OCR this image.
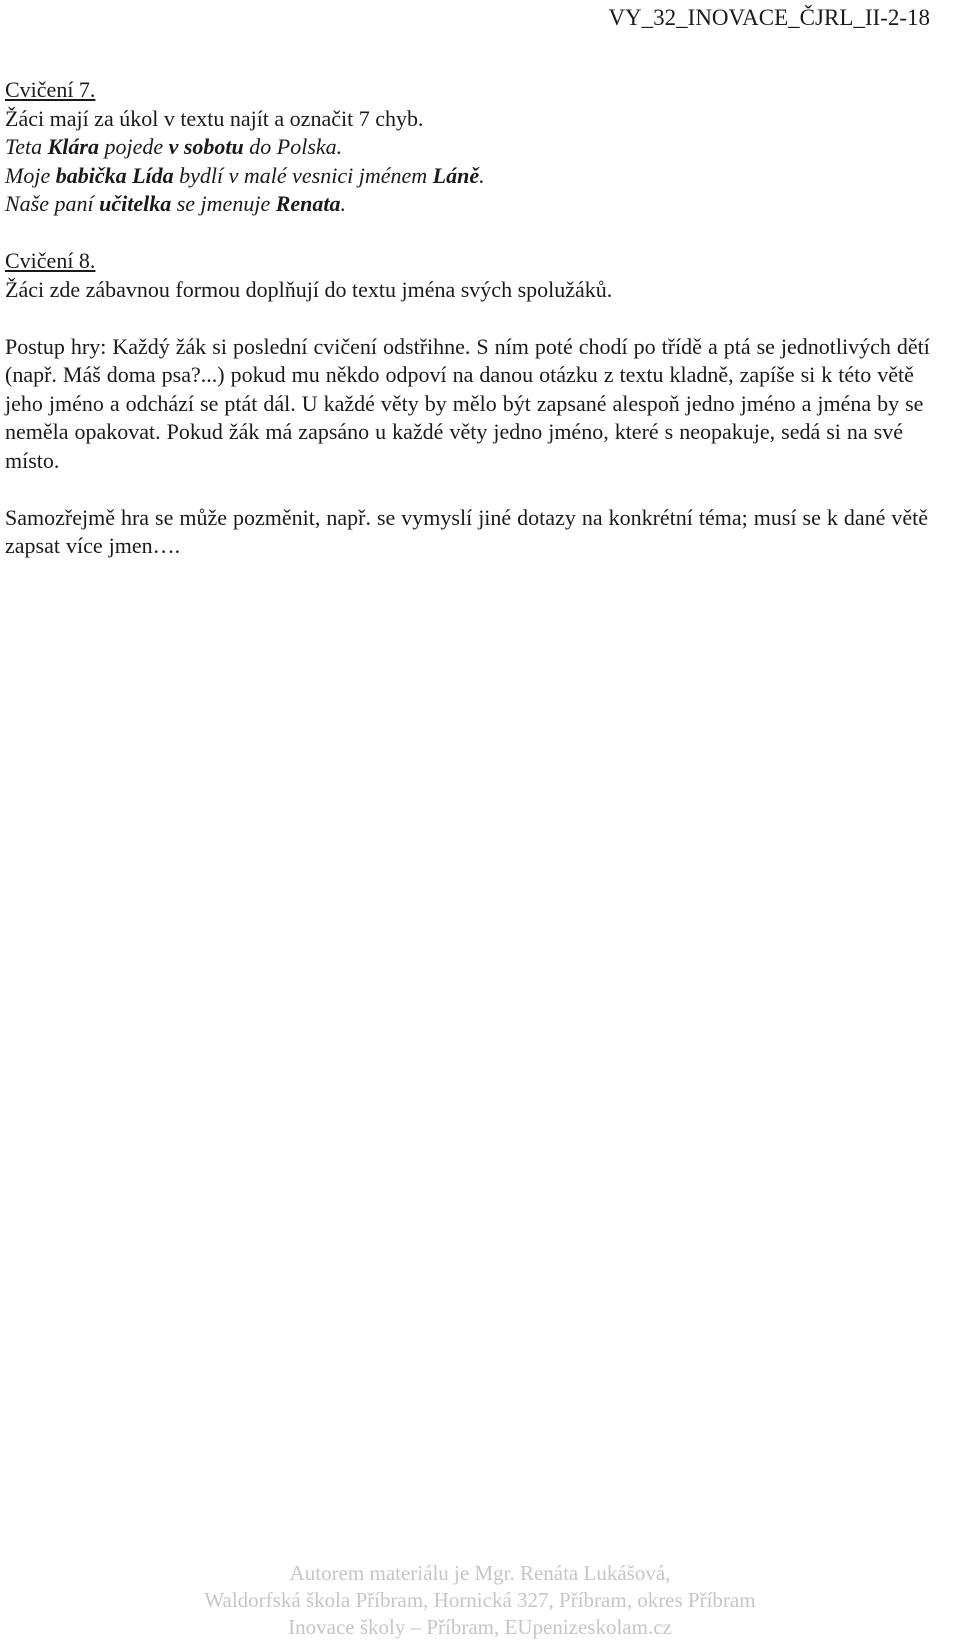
VY_32_INOVACE_ČJRL_II-2-18
Cvičení 7.
Žáci mají za úkol v textu najít a označit 7 chyb.
Teta Klára pojede v sobotu do Polska.
Moje babička Lída bydlí v malé vesnici jménem Láně.
Naše paní učitelka se jmenuje Renata.
Cvičení 8.
Žáci zde zábavnou formou doplňují do textu jména svých spolužáků.
Postup hry: Každý žák si poslední cvičení odstřihne. S ním poté chodí po třídě a ptá se jednotlivých dětí (např. Máš doma psa?...) pokud mu někdo odpoví na danou otázku z textu kladně, zapíše si k této větě jeho jméno a odchází se ptát dál. U každé věty by mělo být zapsané alespoň jedno jméno a jména by se neměla opakovat. Pokud žák má zapsáno u každé věty jedno jméno, které s neopakuje, sedá si na své místo.
Samozřejmě hra se může pozměnit, např. se vymyslí jiné dotazy na konkrétní téma; musí se k dané větě zapsat více jmen….
Autorem materiálu je Mgr. Renáta Lukášová,
Waldorfská škola Příbram, Hornická 327, Příbram, okres Příbram
Inovace školy – Příbram, EUpenizeskolam.cz
